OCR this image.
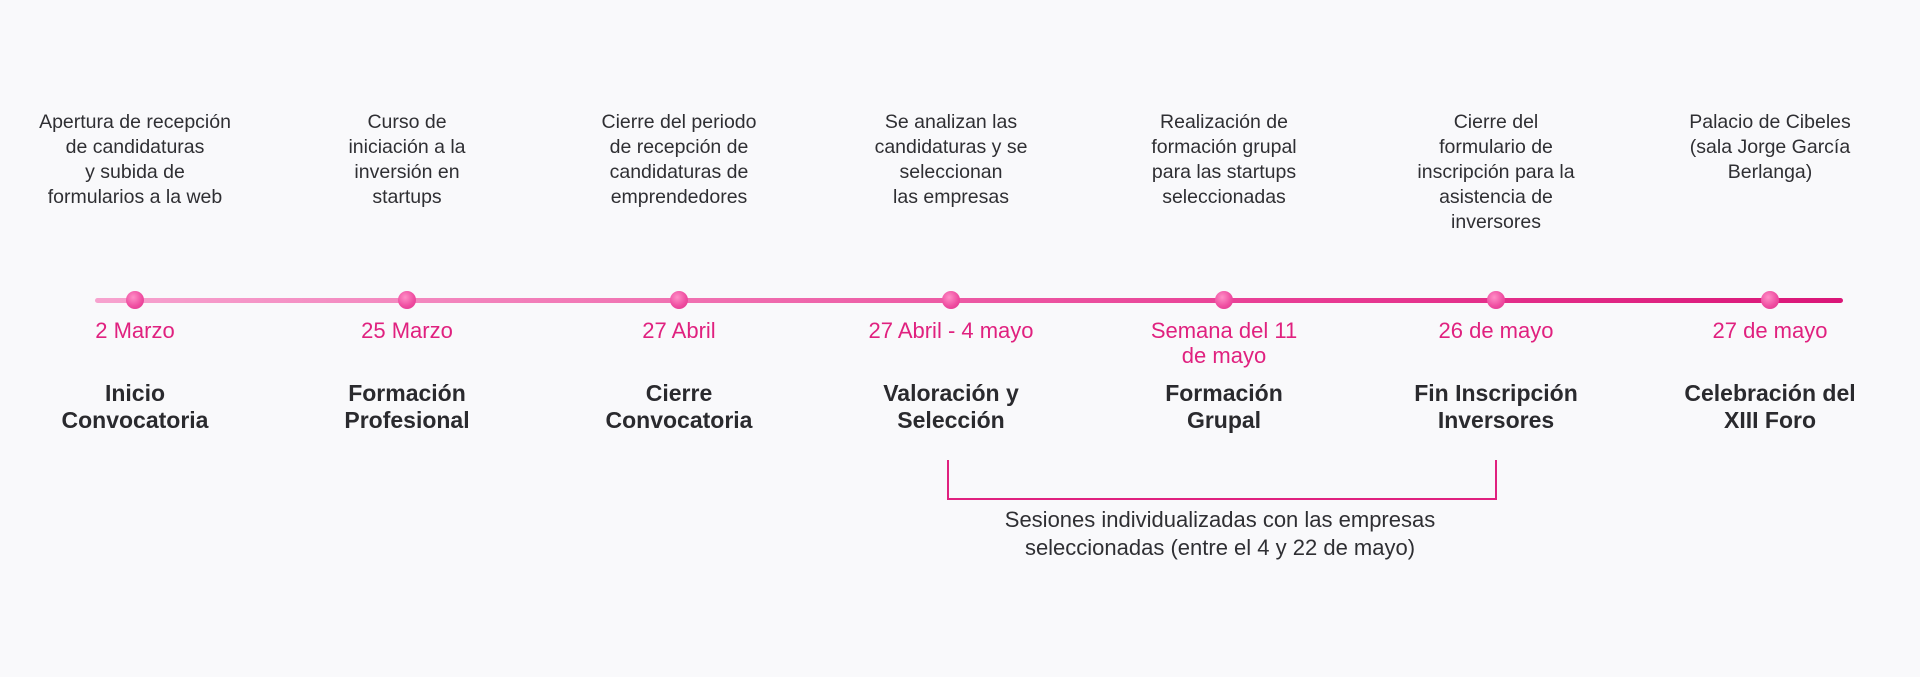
Apertura de recepción
de candidaturas
y subida de
formularios a la web
2 Marzo
Inicio
Convocatoria
Curso de
iniciación a la
inversión en
startups
25 Marzo
Formación
Profesional
Cierre del periodo
de recepción de
candidaturas de
emprendedores
27 Abril
Cierre
Convocatoria
Se analizan las
candidaturas y se
seleccionan
las empresas
27 Abril - 4 mayo
Valoración y
Selección
Realización de
formación grupal
para las startups
seleccionadas
Semana del 11
de mayo
Formación
Grupal
Cierre del
formulario de
inscripción para la
asistencia de
inversores
26 de mayo
Fin Inscripción
Inversores
Palacio de Cibeles
(sala Jorge García
Berlanga)
27 de mayo
Celebración del
XIII Foro
Sesiones individualizadas con las empresas
seleccionadas (entre el 4 y 22 de mayo)
